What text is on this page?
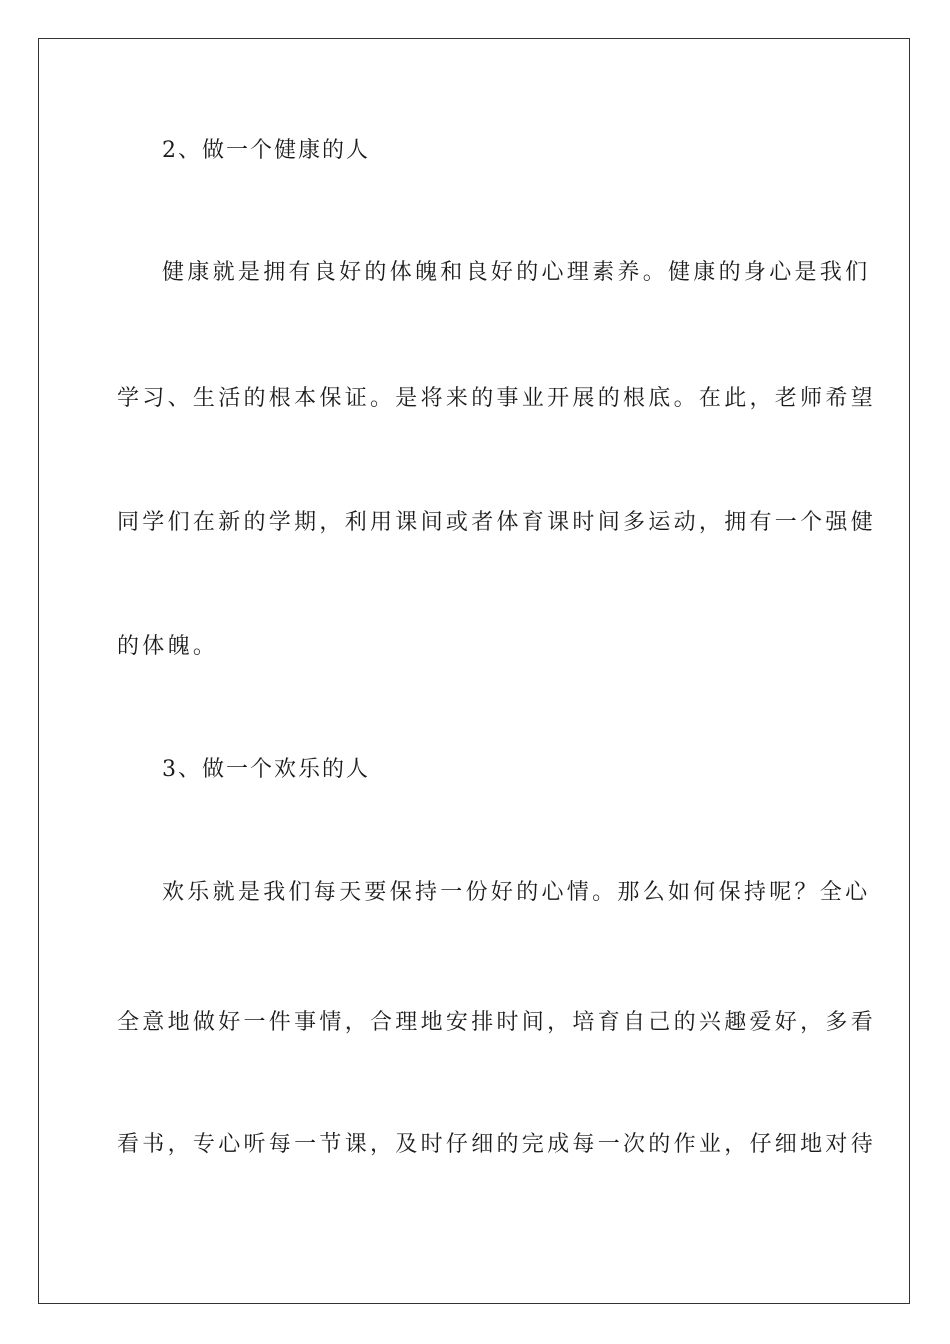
2、做一个健康的人
健康就是拥有良好的体魄和良好的心理素养。健康的身心是我们
学习、生活的根本保证。是将来的事业开展的根底。在此，老师希望
同学们在新的学期，利用课间或者体育课时间多运动，拥有一个强健
的体魄。
3、做一个欢乐的人
欢乐就是我们每天要保持一份好的心情。那么如何保持呢？全心
全意地做好一件事情，合理地安排时间，培育自己的兴趣爱好，多看
看书，专心听每一节课，及时仔细的完成每一次的作业，仔细地对待
